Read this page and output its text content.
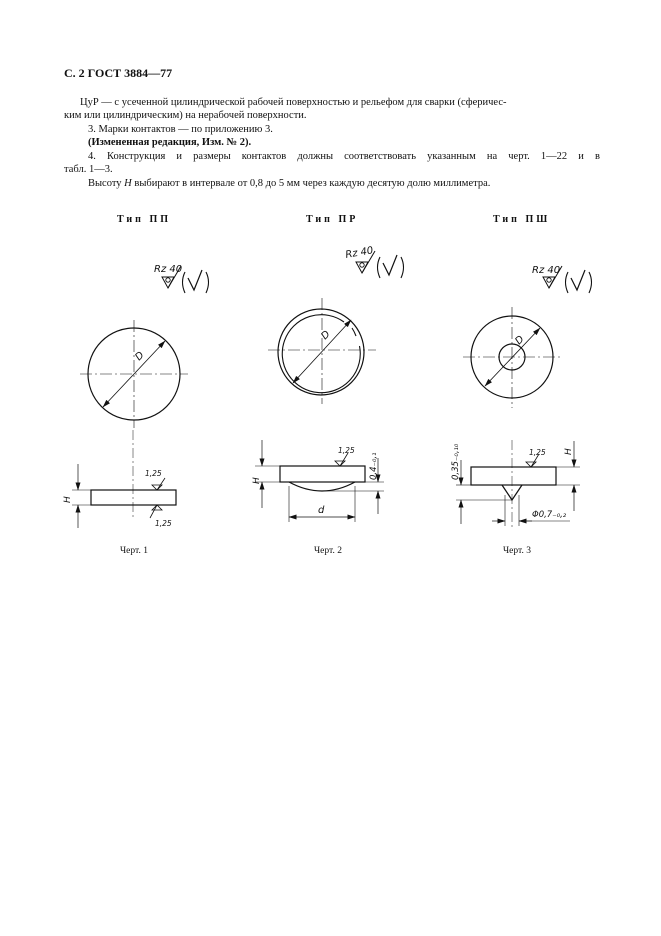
С. 2 ГОСТ 3884—77
ЦуР — с усеченной цилиндрической рабочей поверхностью и рельефом для сварки (сферичес-
ким или цилиндрическим) на нерабочей поверхности.
3. Марки контактов — по приложению 3.
(Измененная редакция, Изм. № 2).
4. Конструкция и размеры контактов должны соответствовать указанным на черт. 1—22 и в
табл. 1—3.
Высоту H выбирают в интервале от 0,8 до 5 мм через каждую десятую долю миллиметра.
Тип ПП	Тип ПР	Тип ПШ
Rz 40
D
H
1,25
1,25
Rz 40
D
H
0,4₋₀,₁
d
1,25
Rz 40
D
H
0,35₋₀,₁₀
Φ0,7₋₀,₂
1,25
Черт. 1	Черт. 2	Черт. 3
